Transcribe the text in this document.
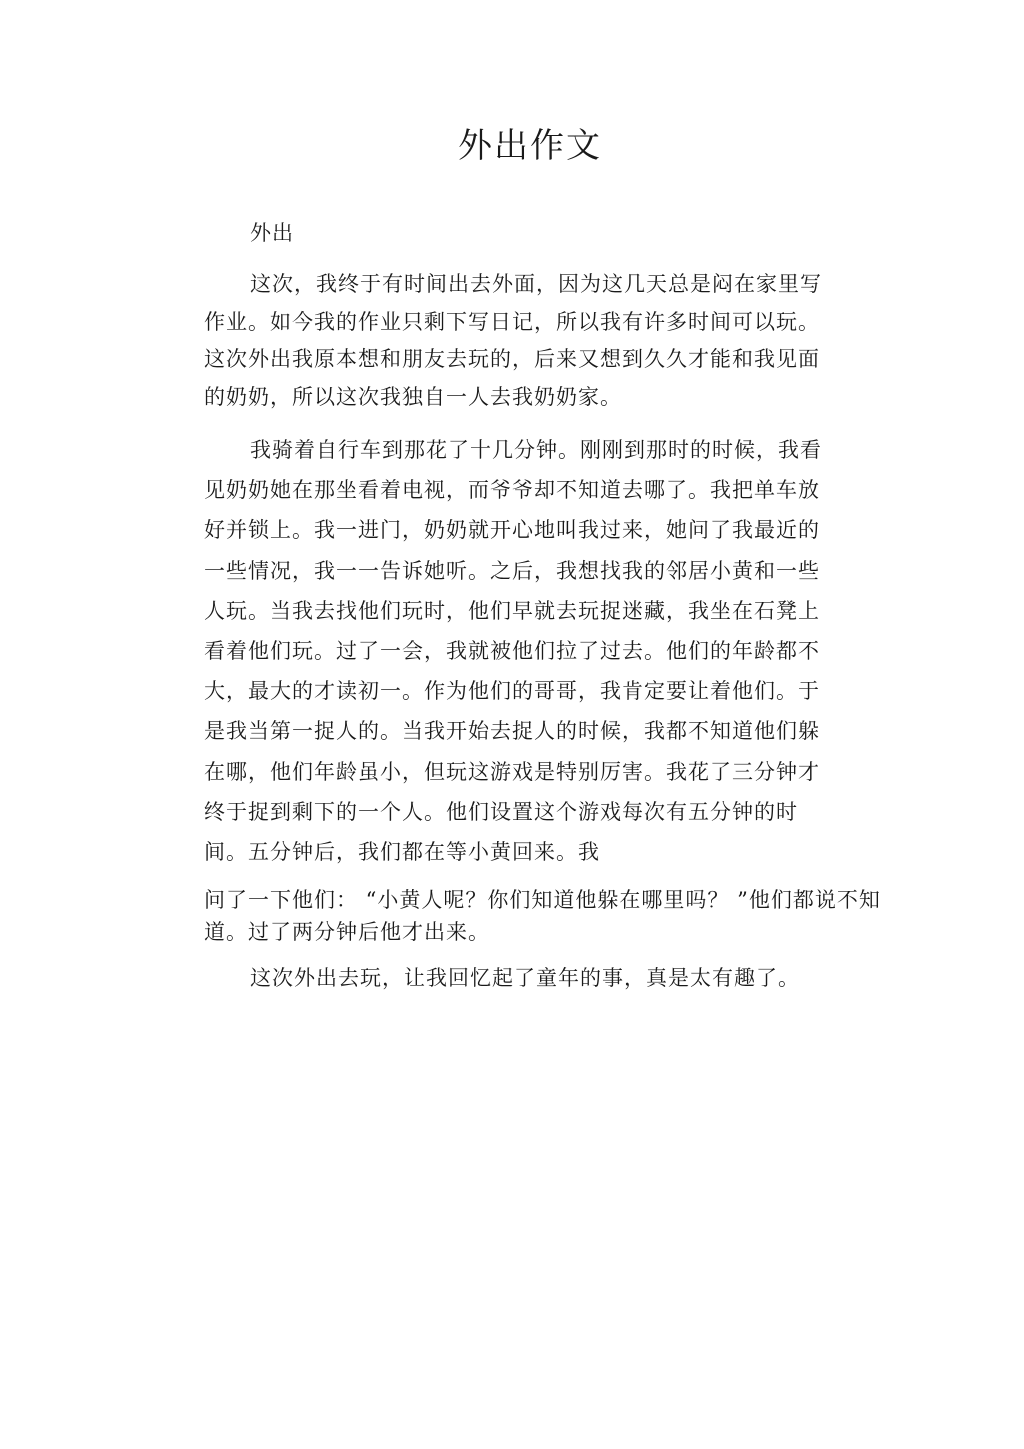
外出作文

外出

这次，我终于有时间出去外面，因为这几天总是闷在家里写作业。如今我的作业只剩下写日记，所以我有许多时间可以玩。这次外出我原本想和朋友去玩的，后来又想到久久才能和我见面的奶奶，所以这次我独自一人去我奶奶家。

我骑着自行车到那花了十几分钟。刚刚到那时的时候，我看见奶奶她在那坐看着电视，而爷爷却不知道去哪了。我把单车放好并锁上。我一进门，奶奶就开心地叫我过来，她问了我最近的一些情况，我一一告诉她听。之后，我想找我的邻居小黄和一些人玩。当我去找他们玩时，他们早就去玩捉迷藏，我坐在石凳上看着他们玩。过了一会，我就被他们拉了过去。他们的年龄都不大，最大的才读初一。作为他们的哥哥，我肯定要让着他们。于是我当第一捉人的。当我开始去捉人的时候，我都不知道他们躲在哪，他们年龄虽小，但玩这游戏是特别厉害。我花了三分钟才终于捉到剩下的一个人。他们设置这个游戏每次有五分钟的时间。五分钟后，我们都在等小黄回来。我

问了一下他们： “小黄人呢？你们知道他躲在哪里吗？ ”他们都说不知道。过了两分钟后他才出来。

这次外出去玩，让我回忆起了童年的事，真是太有趣了。
